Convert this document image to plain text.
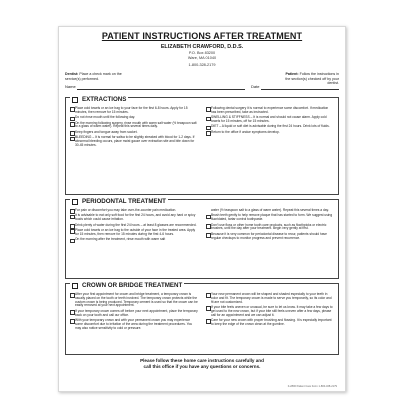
PATIENT INSTRUCTIONS AFTER TREATMENT
ELIZABETH CRAWFORD, D.D.S.
P.O. Box 83200
Ware, MA 01040
1-800-328-2179
Dentist: Place a check mark on the service(s) performed.
Patient: Follow the instructions in the section(s) checked off by your dentist.
Name	Date
EXTRACTIONS
Place cold towels or an ice bag to your face for the first 6-8 hours. Apply for 15 minutes, then remove for 15 minutes.
Do not rinse mouth until the following day.
On the morning following surgery, rinse mouth with warm salt water (½ teaspoon salt to a glass of warm water). Repeat this several times daily.
Keep fingers and tongue away from socket.
BLEEDING – It is normal for saliva to be slightly streaked with blood for 1-2 days. If abnormal bleeding occurs, place moist gauze over extraction site and bite down for 30-45 minutes.
Following dental surgery it is normal to experience some discomfort. If medication has been prescribed, take as instructed.
SWELLING & STIFFNESS – It is normal and should not cause alarm. Apply cold towels for 15 minutes, off for 15 minutes.
DIET – A liquid or soft diet is advisable during the first 24 hours. Drink lots of fluids.
Return to the office if undue symptoms develop.
PERIODONTAL TREATMENT
For pain or discomfort you may take over-the-counter pain medication.
It is advisable to eat only soft food for the first 24 hours, and avoid any hard or spicy foods which could cause irritation.
Drink plenty of water during the first 24 hours – at least 8 glasses are recommended.
Place cold towels or an ice bag to the outside of your face in the treated area. Apply for 15 minutes, then remove for 15 minutes during the first 4-6 hours.
On the morning after the treatment, rinse mouth with warm salt
water (½ teaspoon salt to a glass of warm water). Repeat this several times a day.
Brush teeth gently to help remove plaque that has started to form. We suggest using fluoridated, tartar control toothpaste.
Don't use floss or other home tooth care products, such as floothpicks or electric brushes, until the day after your treatment. Begin very gently at first.
Because it is very common for periodontal disease to recur, patients should have regular checkups to monitor progress and prevent recurrence.
CROWN OR BRIDGE TREATMENT
After your first appointment for crown and bridge treatment, a temporary crown is usually placed on the tooth or teeth involved. The temporary crown protects while the custom crown is being produced. Temporary cement is used so that the crown can be easily removed at your next appointment.
If your temporary crown comes off before your next appointment, place the temporary back on your tooth and call our office.
With your temporary crown and with your permanent crown you may experience some discomfort due to irritation of the area during the treatment procedures. You may also notice sensitivity to cold or pressure.
Your new permanent crown will be shaped and shaded especially to your teeth in color and fit. The temporary crown is made to serve you temporarily, so its color and fit are not customized.
If your bite feels uneven or unusual, be sure to let us know. It may take a few days to get used to the new crown, but if your bite still feels uneven after a few days, please call for an appointment and we can adjust it.
Care for your new crown with proper brushing and flossing. It is especially important to keep the edge of the crown clean at the gumline.
Please follow these home care instructions carefully and
call this office if you have any questions or concerns.
F-2800 Patient Care Form 1-800-328-2179
